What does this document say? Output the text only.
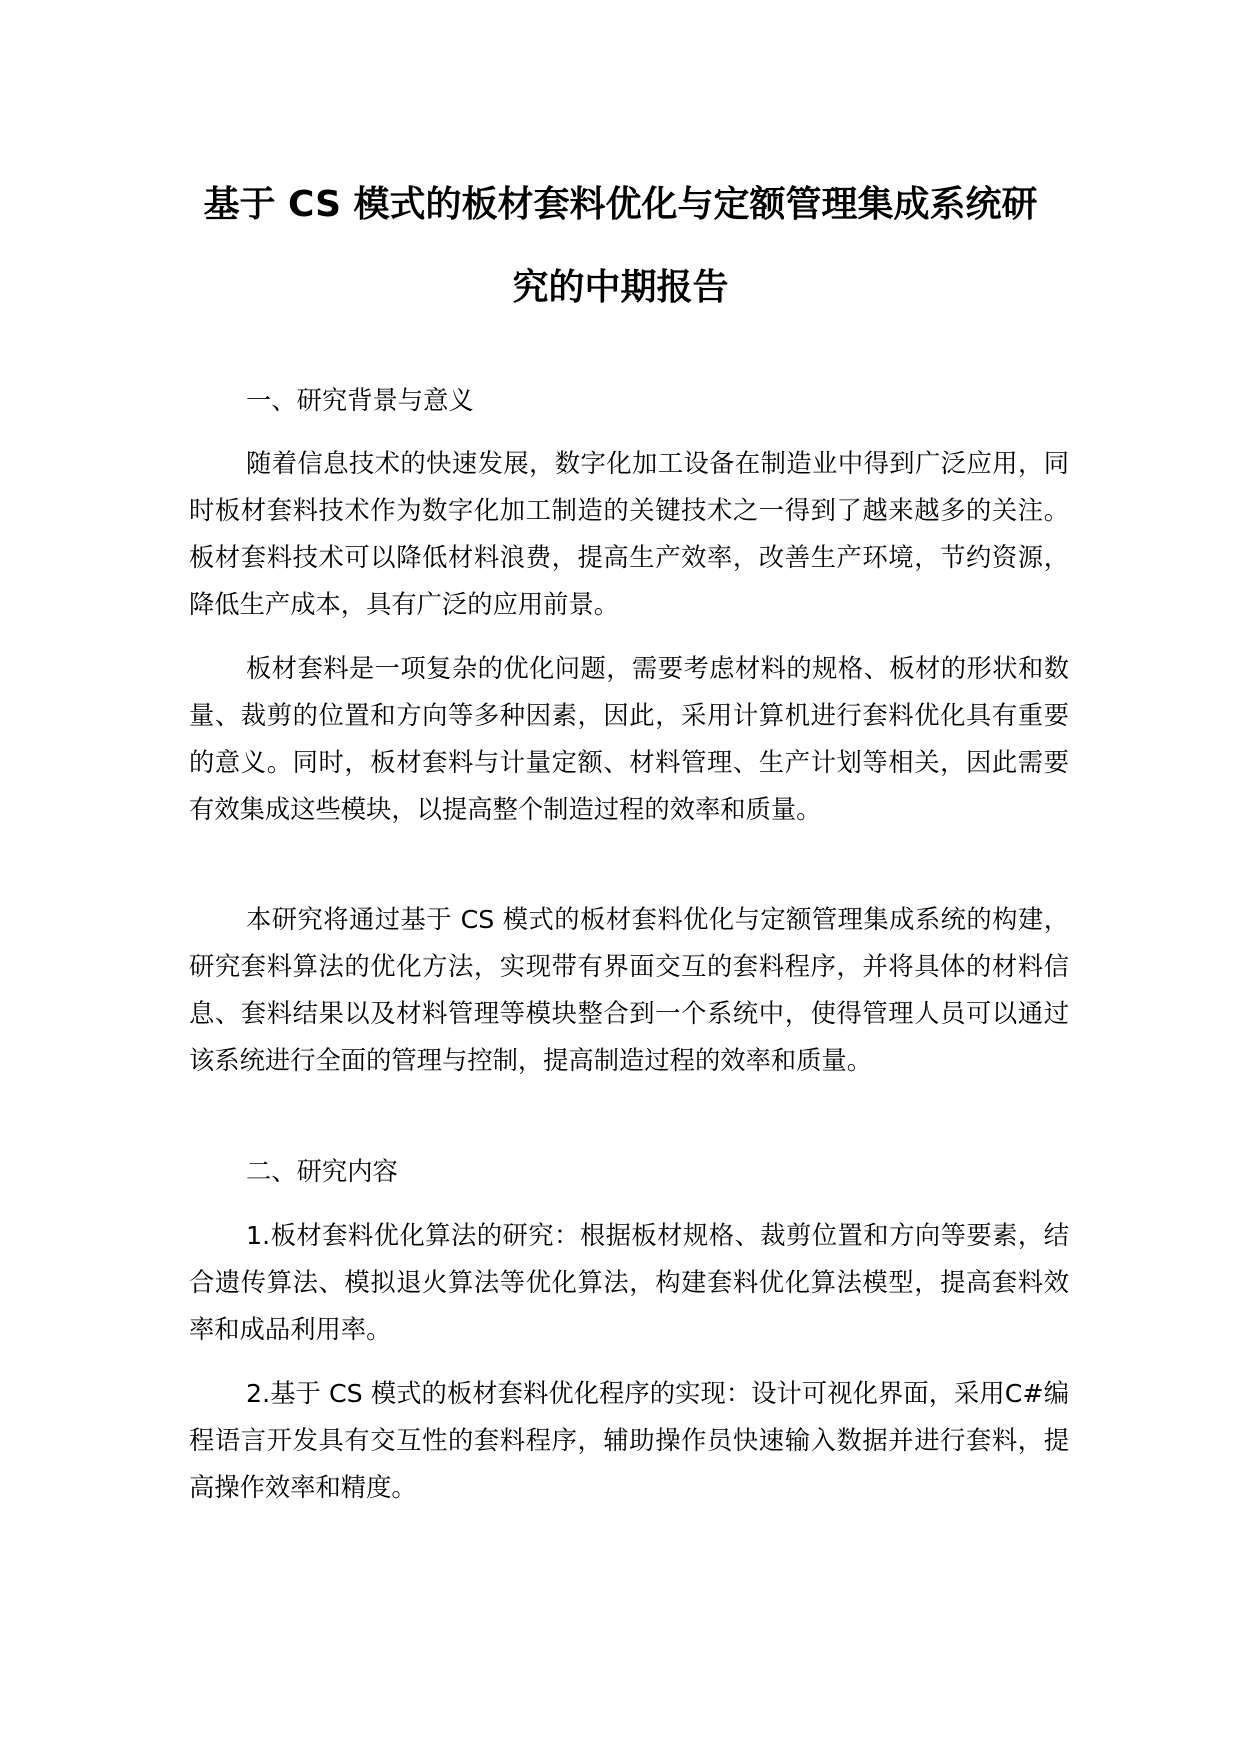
基于 CS 模式的板材套料优化与定额管理集成系统研
究的中期报告
一、研究背景与意义

随着信息技术的快速发展，数字化加工设备在制造业中得到广泛应用，同时板材套料技术作为数字化加工制造的关键技术之一得到了越来越多的关注。板材套料技术可以降低材料浪费，提高生产效率，改善生产环境，节约资源，降低生产成本，具有广泛的应用前景。

板材套料是一项复杂的优化问题，需要考虑材料的规格、板材的形状和数量、裁剪的位置和方向等多种因素，因此，采用计算机进行套料优化具有重要的意义。同时，板材套料与计量定额、材料管理、生产计划等相关，因此需要有效集成这些模块，以提高整个制造过程的效率和质量。

本研究将通过基于 CS 模式的板材套料优化与定额管理集成系统的构建，研究套料算法的优化方法，实现带有界面交互的套料程序，并将具体的材料信息、套料结果以及材料管理等模块整合到一个系统中，使得管理人员可以通过该系统进行全面的管理与控制，提高制造过程的效率和质量。

二、研究内容

1.板材套料优化算法的研究：根据板材规格、裁剪位置和方向等要素，结合遗传算法、模拟退火算法等优化算法，构建套料优化算法模型，提高套料效率和成品利用率。

2.基于 CS 模式的板材套料优化程序的实现：设计可视化界面，采用C#编程语言开发具有交互性的套料程序，辅助操作员快速输入数据并进行套料，提高操作效率和精度。
